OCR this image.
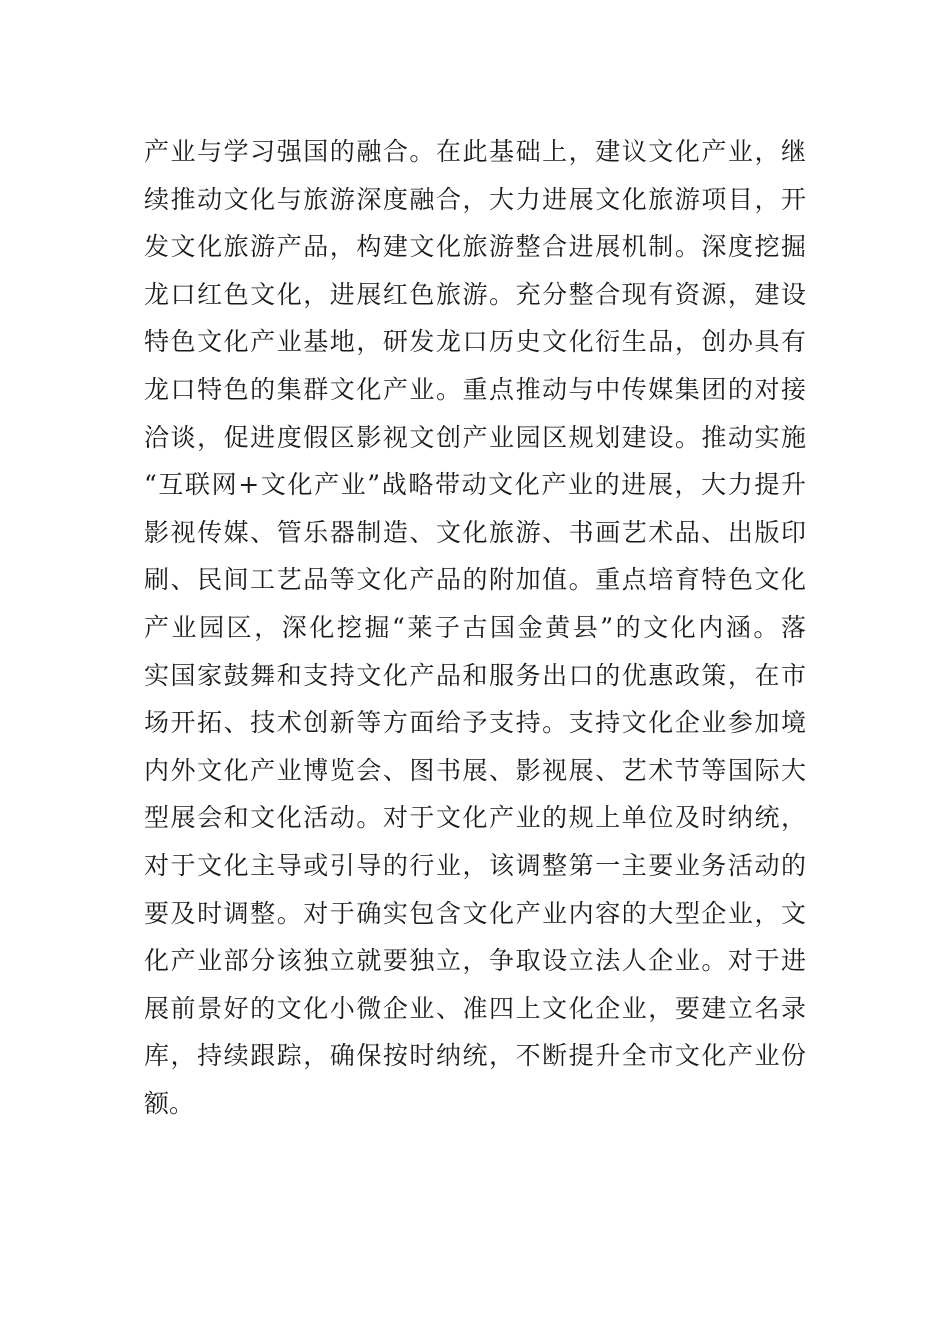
产业与学习强国的融合。在此基础上，建议文化产业，继
续推动文化与旅游深度融合，大力进展文化旅游项目，开
发文化旅游产品，构建文化旅游整合进展机制。深度挖掘
龙口红色文化，进展红色旅游。充分整合现有资源，建设
特色文化产业基地，研发龙口历史文化衍生品，创办具有
龙口特色的集群文化产业。重点推动与中传媒集团的对接
洽谈，促进度假区影视文创产业园区规划建设。推动实施
“互联网+文化产业”战略带动文化产业的进展，大力提升
影视传媒、管乐器制造、文化旅游、书画艺术品、出版印
刷、民间工艺品等文化产品的附加值。重点培育特色文化
产业园区，深化挖掘“莱子古国金黄县”的文化内涵。落
实国家鼓舞和支持文化产品和服务出口的优惠政策，在市
场开拓、技术创新等方面给予支持。支持文化企业参加境
内外文化产业博览会、图书展、影视展、艺术节等国际大
型展会和文化活动。对于文化产业的规上单位及时纳统，
对于文化主导或引导的行业，该调整第一主要业务活动的
要及时调整。对于确实包含文化产业内容的大型企业，文
化产业部分该独立就要独立，争取设立法人企业。对于进
展前景好的文化小微企业、准四上文化企业，要建立名录
库，持续跟踪，确保按时纳统，不断提升全市文化产业份
额。
